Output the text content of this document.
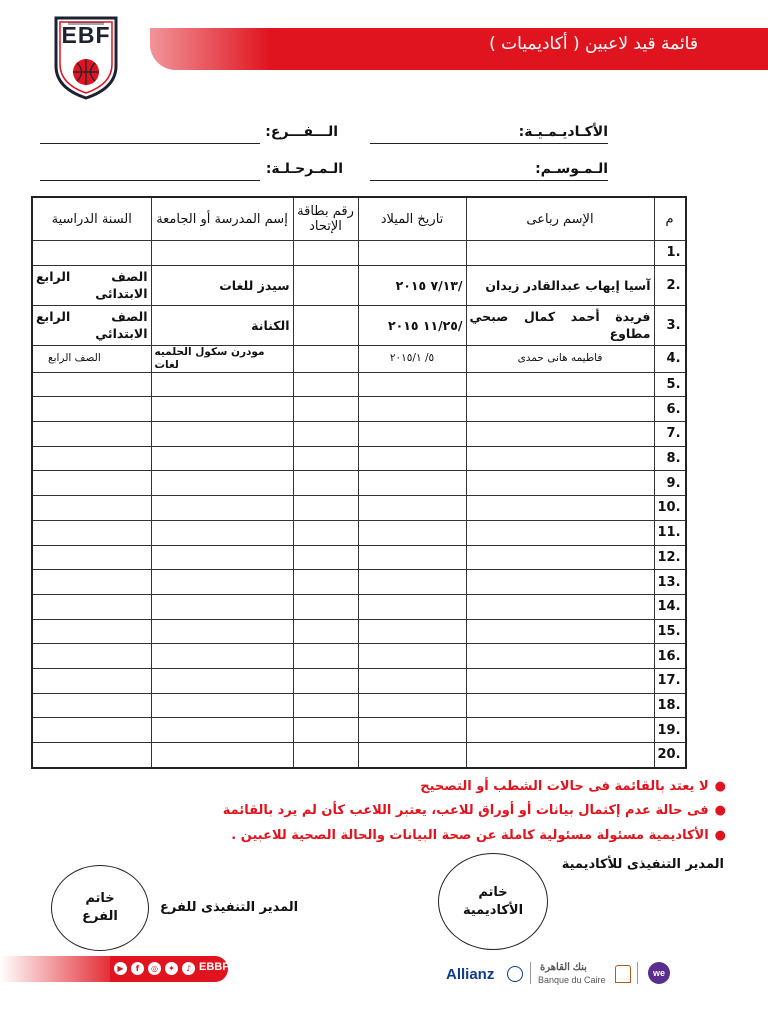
قائمة قيد لاعبين ( أكاديميات )
EBF
الأكـاديـمـيـة:
الـــفـــرع:
الـمـوسـم:
الـمـرحـلـة:
م	الإسم رباعى	تاريخ الميلاد	رقم بطاقة الإتحاد	إسم المدرسة أو الجامعة	السنة الدراسية
.1	

.2	آسيا إيهاب عبدالقادر زيدان	/٧/١٣ ٢٠١٥		سيدز للغات	الصف الرابع الابتدائى

.3	فريدة أحمد كمال صبحي مطاوع	/١١/٢٥ ٢٠١٥		الكنانة	الصف الرابع الابتدائي

.4	فاطيمه هانى حمدى	٥/ ٢٠١٥/١		مودرن سكول الحلميه لغات	الصف الرابع

.5	

.6	

.7	

.8	

.9	

.10	

.11	

.12	

.13	

.14	

.15	

.16	

.17	

.18	

.19	

.20	

●لا يعتد بالقائمة فى حالات الشطب أو التصحيح
●فى حالة عدم إكتمال بيانات أو أوراق للاعب، يعتبر اللاعب كأن لم يرد بالقائمة
●الأكاديمية مسئولة مسئولية كاملة عن صحة البيانات والحالة الصحية للاعبين .
المدير التنفيذى للأكاديمية
المدير التنفيذى للفرع
خاتم
الأكاديمية
خاتم
الفرع
▶	f	◎	✦	♪ EBBFED	Allianz	بنك القاهرة
Banque du Caire
we
